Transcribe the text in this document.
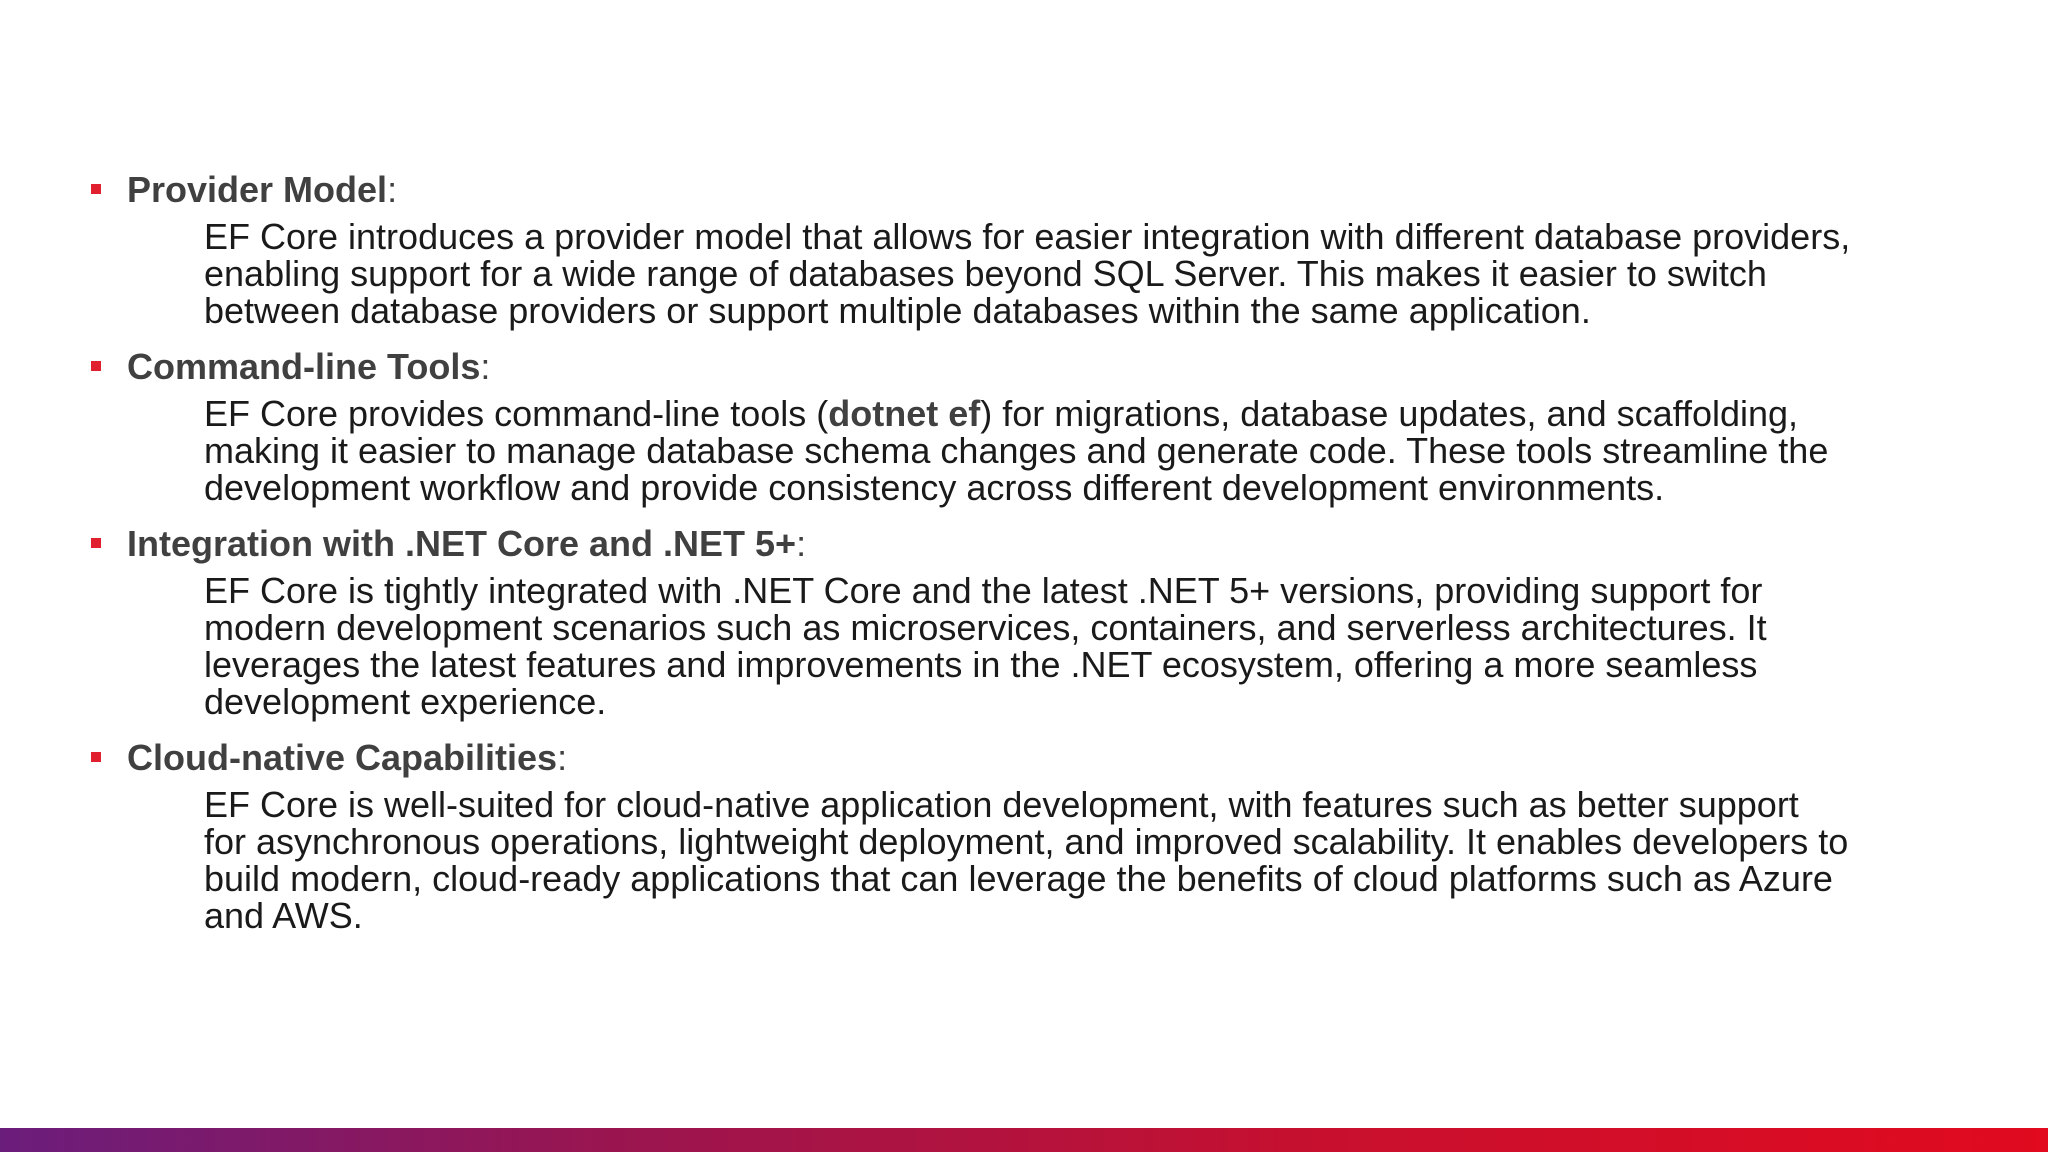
Provider Model:
EF Core introduces a provider model that allows for easier integration with different database providers,
enabling support for a wide range of databases beyond SQL Server. This makes it easier to switch
between database providers or support multiple databases within the same application.
Command-line Tools:
EF Core provides command-line tools (dotnet ef) for migrations, database updates, and scaffolding,
making it easier to manage database schema changes and generate code. These tools streamline the
development workflow and provide consistency across different development environments.
Integration with .NET Core and .NET 5+:
EF Core is tightly integrated with .NET Core and the latest .NET 5+ versions, providing support for
modern development scenarios such as microservices, containers, and serverless architectures. It
leverages the latest features and improvements in the .NET ecosystem, offering a more seamless
development experience.
Cloud-native Capabilities:
EF Core is well-suited for cloud-native application development, with features such as better support
for asynchronous operations, lightweight deployment, and improved scalability. It enables developers to
build modern, cloud-ready applications that can leverage the benefits of cloud platforms such as Azure
and AWS.
